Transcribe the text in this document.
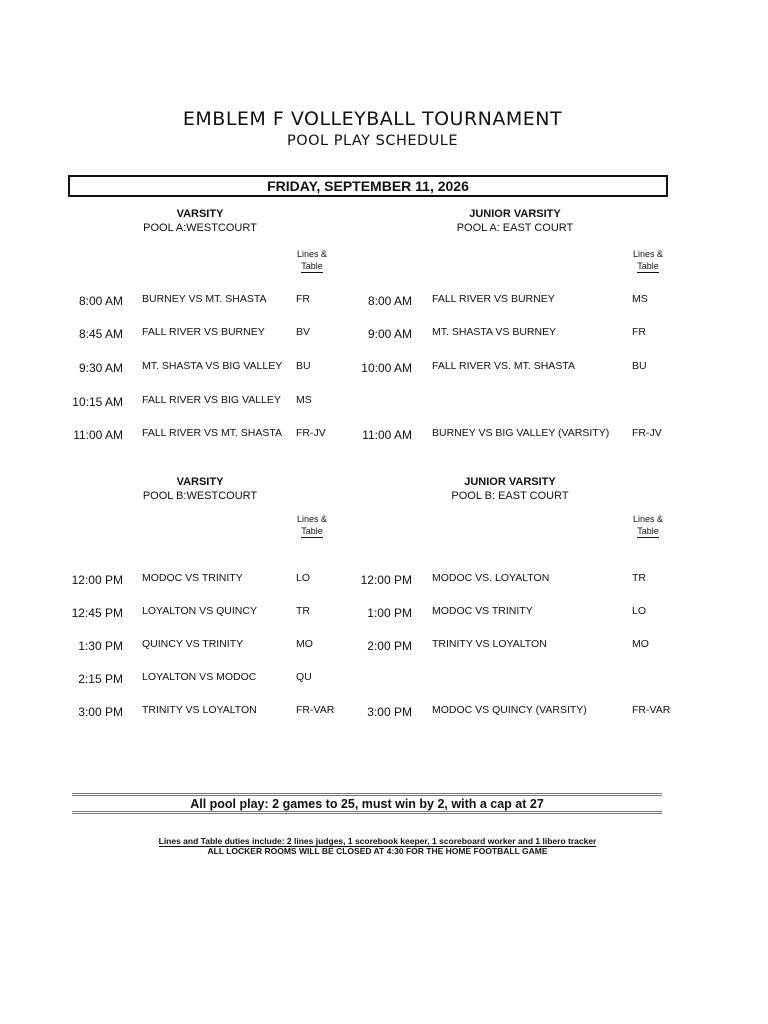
EMBLEM F VOLLEYBALL TOURNAMENT
POOL PLAY SCHEDULE
FRIDAY, SEPTEMBER 11, 2026
VARSITY
POOL A:WESTCOURT
Lines &
Table
JUNIOR VARSITY
POOL A: EAST COURT
Lines &
Table
8:00 AM BURNEY VS MT. SHASTA	FR
8:45 AM FALL RIVER VS BURNEY	BV
9:30 AM MT. SHASTA VS BIG VALLEY BU
10:15 AM FALL RIVER VS BIG VALLEY MS
11:00 AM FALL RIVER VS MT. SHASTA FR-JV
8:00 AM FALL RIVER VS BURNEY	MS
9:00 AM MT. SHASTA VS BURNEY	FR
10:00 AM FALL RIVER VS. MT. SHASTA	BU
11:00 AM BURNEY VS BIG VALLEY (VARSITY) FR-JV
VARSITY
POOL B:WESTCOURT
Lines &
Table
JUNIOR VARSITY
POOL B: EAST COURT
Lines &
Table
12:00 PM MODOC VS TRINITY	LO
12:45 PM LOYALTON VS QUINCY	TR
1:30 PM QUINCY VS TRINITY	MO
2:15 PM LOYALTON VS MODOC	QU
3:00 PM TRINITY VS LOYALTON	FR-VAR
12:00 PM MODOC VS. LOYALTON	TR
1:00 PM MODOC VS TRINITY	LO
2:00 PM TRINITY VS LOYALTON	MO
3:00 PM MODOC VS QUINCY (VARSITY)	FR-VAR
All pool play: 2 games to 25, must win by 2, with a cap at 27
Lines and Table duties include: 2 lines judges, 1 scorebook keeper, 1 scoreboard worker and 1 libero tracker
ALL LOCKER ROOMS WILL BE CLOSED AT 4:30 FOR THE HOME FOOTBALL GAME
